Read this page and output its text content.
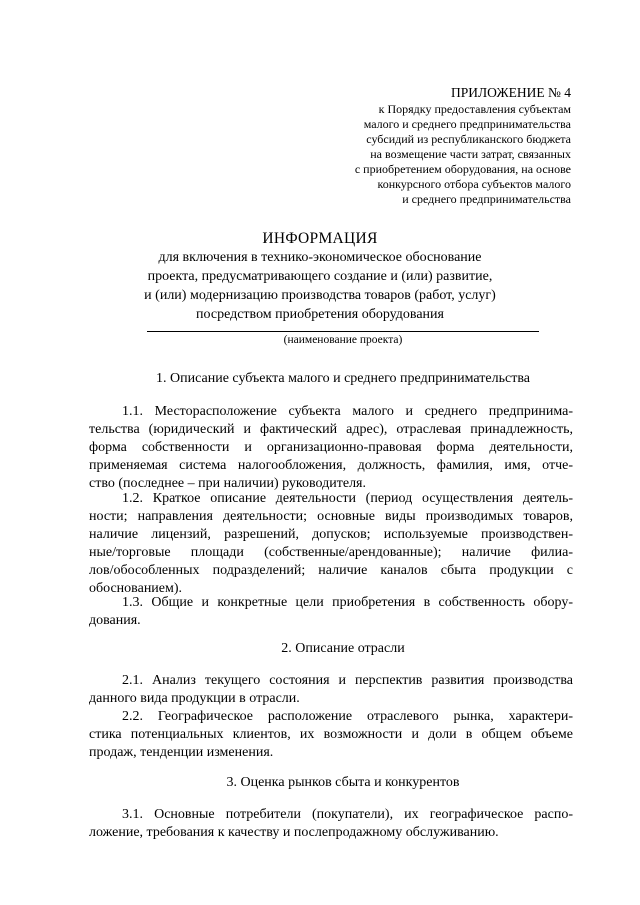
ПРИЛОЖЕНИЕ № 4
к Порядку предоставления субъектам
малого и среднего предпринимательства
субсидий из республиканского бюджета
на возмещение части затрат, связанных
с приобретением оборудования, на основе
конкурсного отбора субъектов малого
и среднего предпринимательства
ИНФОРМАЦИЯ
для включения в технико-экономическое обоснование
проекта, предусматривающего создание и (или) развитие,
и (или) модернизацию производства товаров (работ, услуг)
посредством приобретения оборудования
(наименование проекта)
1. Описание субъекта малого и среднего предпринимательства
1.1. Месторасположение субъекта малого и среднего предпринима-
тельства (юридический и фактический адрес), отраслевая принадлежность,
форма собственности и организационно-правовая форма деятельности,
применяемая система налогообложения, должность, фамилия, имя, отче-
ство (последнее – при наличии) руководителя.
1.2. Краткое описание деятельности (период осуществления деятель-
ности; направления деятельности; основные виды производимых товаров,
наличие лицензий, разрешений, допусков; используемые производствен-
ные/торговые площади (собственные/арендованные); наличие филиа-
лов/обособленных подразделений; наличие каналов сбыта продукции с
обоснованием).
1.3. Общие и конкретные цели приобретения в собственность обору-
дования.
2. Описание отрасли
2.1. Анализ текущего состояния и перспектив развития производства
данного вида продукции в отрасли.
2.2. Географическое расположение отраслевого рынка, характери-
стика потенциальных клиентов, их возможности и доли в общем объеме
продаж, тенденции изменения.
3. Оценка рынков сбыта и конкурентов
3.1. Основные потребители (покупатели), их географическое распо-
ложение, требования к качеству и послепродажному обслуживанию.
